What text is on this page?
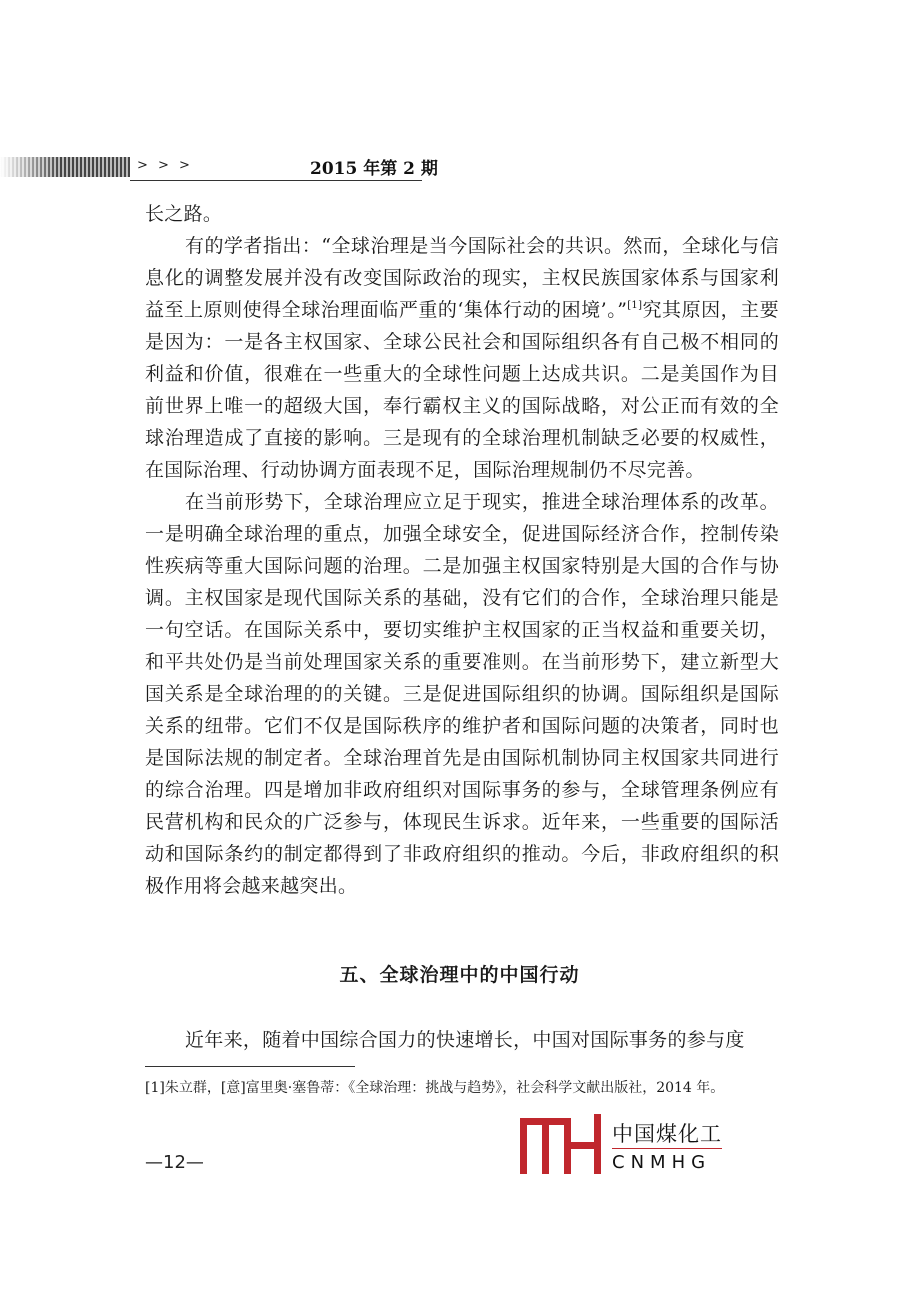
> > >	2015 年第 2 期

长之路。

有的学者指出：“全球治理是当今国际社会的共识。然而，全球化与信息化的调整发展并没有改变国际政治的现实，主权民族国家体系与国家利益至上原则使得全球治理面临严重的‘集体行动的困境’。”[1]究其原因，主要是因为：一是各主权国家、全球公民社会和国际组织各有自己极不相同的利益和价值，很难在一些重大的全球性问题上达成共识。二是美国作为目前世界上唯一的超级大国，奉行霸权主义的国际战略，对公正而有效的全球治理造成了直接的影响。三是现有的全球治理机制缺乏必要的权威性，在国际治理、行动协调方面表现不足，国际治理规制仍不尽完善。

在当前形势下，全球治理应立足于现实，推进全球治理体系的改革。一是明确全球治理的重点，加强全球安全，促进国际经济合作，控制传染性疾病等重大国际问题的治理。二是加强主权国家特别是大国的合作与协调。主权国家是现代国际关系的基础，没有它们的合作，全球治理只能是一句空话。在国际关系中，要切实维护主权国家的正当权益和重要关切，和平共处仍是当前处理国家关系的重要准则。在当前形势下，建立新型大国关系是全球治理的的关键。三是促进国际组织的协调。国际组织是国际关系的纽带。它们不仅是国际秩序的维护者和国际问题的决策者，同时也是国际法规的制定者。全球治理首先是由国际机制协同主权国家共同进行的综合治理。四是增加非政府组织对国际事务的参与，全球管理条例应有民营机构和民众的广泛参与，体现民生诉求。近年来，一些重要的国际活动和国际条约的制定都得到了非政府组织的推动。今后，非政府组织的积极作用将会越来越突出。

五、全球治理中的中国行动
近年来，随着中国综合国力的快速增长，中国对国际事务的参与度
[1]朱立群，[意]富里奥·塞鲁蒂：《全球治理：挑战与趋势》，社会科学文献出版社，2014 年。
—12—
中国煤化工
CNMHG
